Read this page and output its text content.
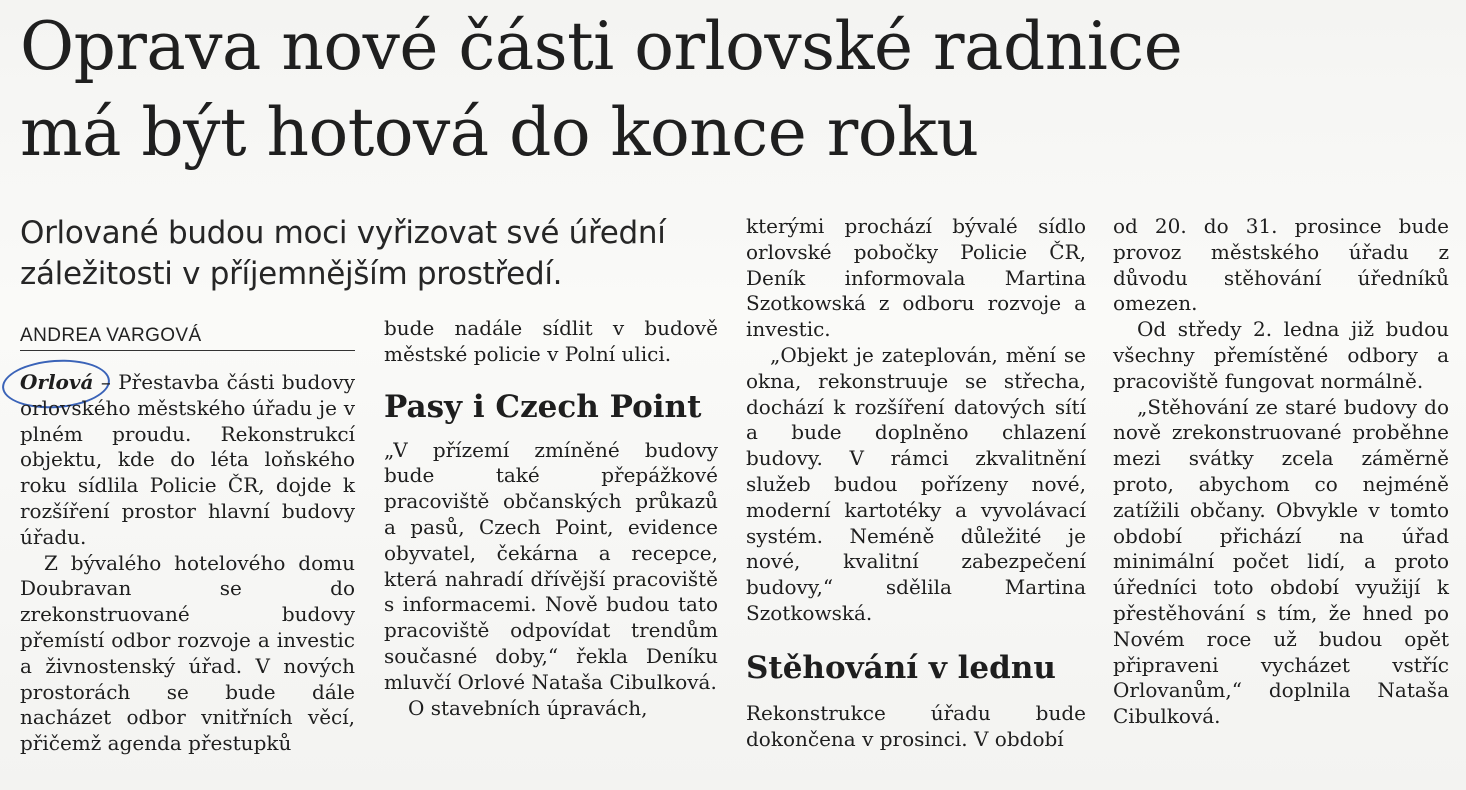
Oprava nové části orlovské radnice
má být hotová do konce roku

Orlované budou moci vyřizovat své úřední záležitosti v příjemnějším prostředí.

ANDREA VARGOVÁ

Orlová – Přestavba části budovy orlovského městského úřadu je v plném proudu. Rekonstrukcí objektu, kde do léta loňského roku sídlila Policie ČR, dojde k rozšíření prostor hlavní budovy úřadu.

Z bývalého hotelového domu Doubravan se do zrekonstruované budovy přemístí odbor rozvoje a investic a živnostenský úřad. V nových prostorách se bude dále nacházet odbor vnitřních věcí, přičemž agenda přestupků

bude nadále sídlit v budově městské policie v Polní ulici.

Pasy i Czech Point

„V přízemí zmíněné budovy bude také přepážkové pracoviště občanských průkazů a pasů, Czech Point, evidence obyvatel, čekárna a recepce, která nahradí dřívější pracoviště s informacemi. Nově budou tato pracoviště odpovídat trendům současné doby,“ řekla Deníku mluvčí Orlové Nataša Cibulková.

O stavebních úpravách,

kterými prochází bývalé sídlo orlovské pobočky Policie ČR, Deník informovala Martina Szotkowská z odboru rozvoje a investic.

„Objekt je zateplován, mění se okna, rekonstruuje se střecha, dochází k rozšíření datových sítí a bude doplněno chlazení budovy. V rámci zkvalitnění služeb budou pořízeny nové, moderní kartotéky a vyvolávací systém. Neméně důležité je nové, kvalitní zabezpečení budovy,“ sdělila Martina Szotkowská.

Stěhování v lednu

Rekonstrukce úřadu bude dokončena v prosinci. V období

od 20. do 31. prosince bude provoz městského úřadu z důvodu stěhování úředníků omezen.

Od středy 2. ledna již budou všechny přemístěné odbory a pracoviště fungovat normálně.

„Stěhování ze staré budovy do nově zrekonstruované proběhne mezi svátky zcela záměrně proto, abychom co nejméně zatížili občany. Obvykle v tomto období přichází na úřad minimální počet lidí, a proto úředníci toto období využijí k přestěhování s tím, že hned po Novém roce už budou opět připraveni vycházet vstříc Orlovanům,“ doplnila Nataša Cibulková.
